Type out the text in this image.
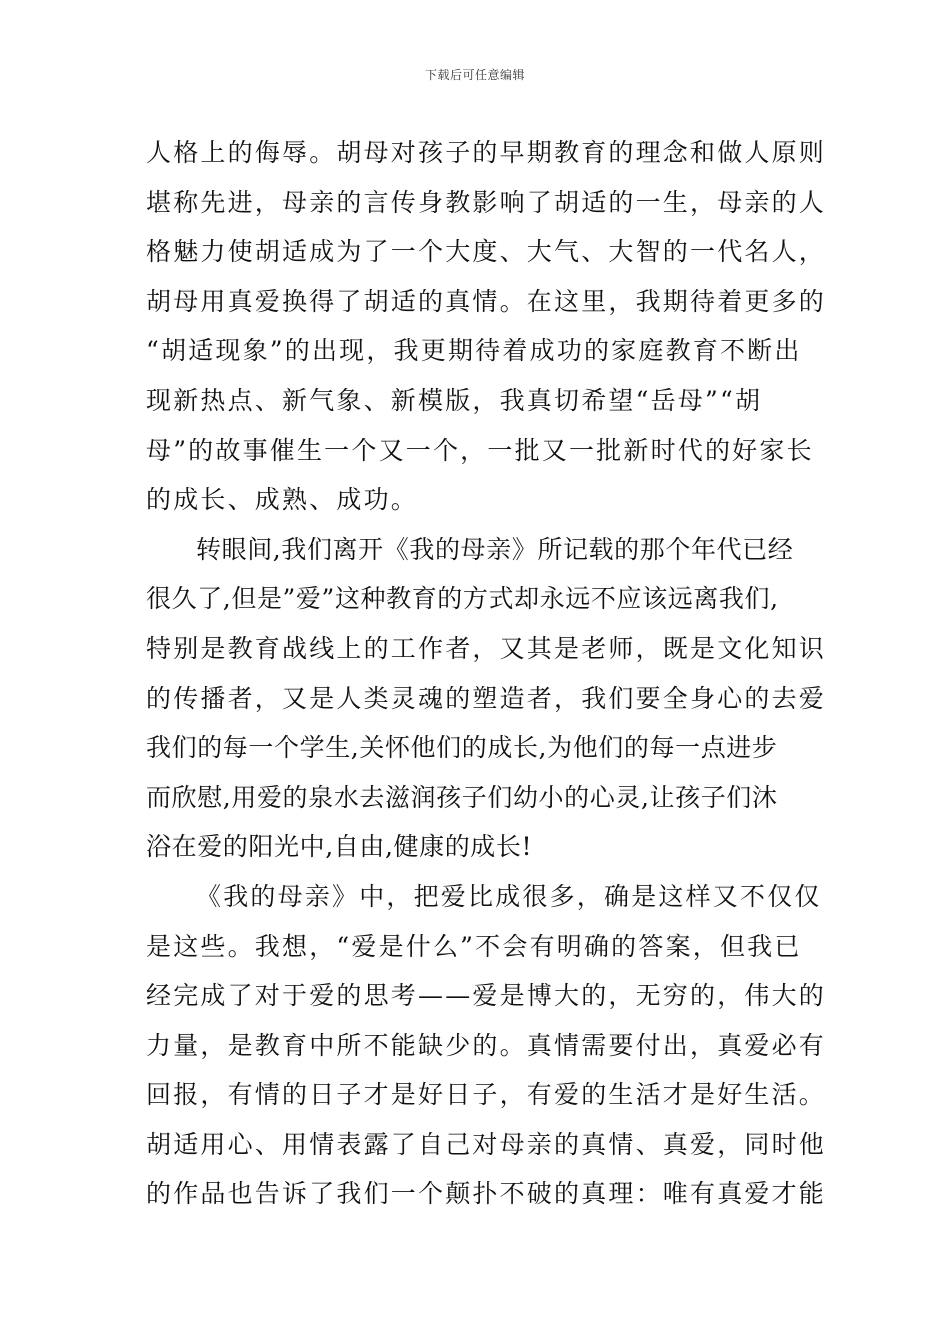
下载后可任意编辑
人格上的侮辱。胡母对孩子的早期教育的理念和做人原则
堪称先进，母亲的言传身教影响了胡适的一生，母亲的人
格魅力使胡适成为了一个大度、大气、大智的一代名人，
胡母用真爱换得了胡适的真情。在这里，我期待着更多的
“胡适现象”的出现，我更期待着成功的家庭教育不断出
现新热点、新气象、新模版，我真切希望“岳母”“胡
母”的故事催生一个又一个，一批又一批新时代的好家长
的成长、成熟、成功。
转眼间,我们离开《我的母亲》所记载的那个年代已经
很久了,但是”爱”这种教育的方式却永远不应该远离我们,
特别是教育战线上的工作者，又其是老师，既是文化知识
的传播者，又是人类灵魂的塑造者，我们要全身心的去爱
我们的每一个学生,关怀他们的成长,为他们的每一点进步
而欣慰,用爱的泉水去滋润孩子们幼小的心灵,让孩子们沐
浴在爱的阳光中,自由,健康的成长!
《我的母亲》中，把爱比成很多，确是这样又不仅仅
是这些。我想，“爱是什么”不会有明确的答案，但我已
经完成了对于爱的思考——爱是博大的，无穷的，伟大的
力量，是教育中所不能缺少的。真情需要付出，真爱必有
回报，有情的日子才是好日子，有爱的生活才是好生活。
胡适用心、用情表露了自己对母亲的真情、真爱，同时他
的作品也告诉了我们一个颠扑不破的真理：唯有真爱才能
